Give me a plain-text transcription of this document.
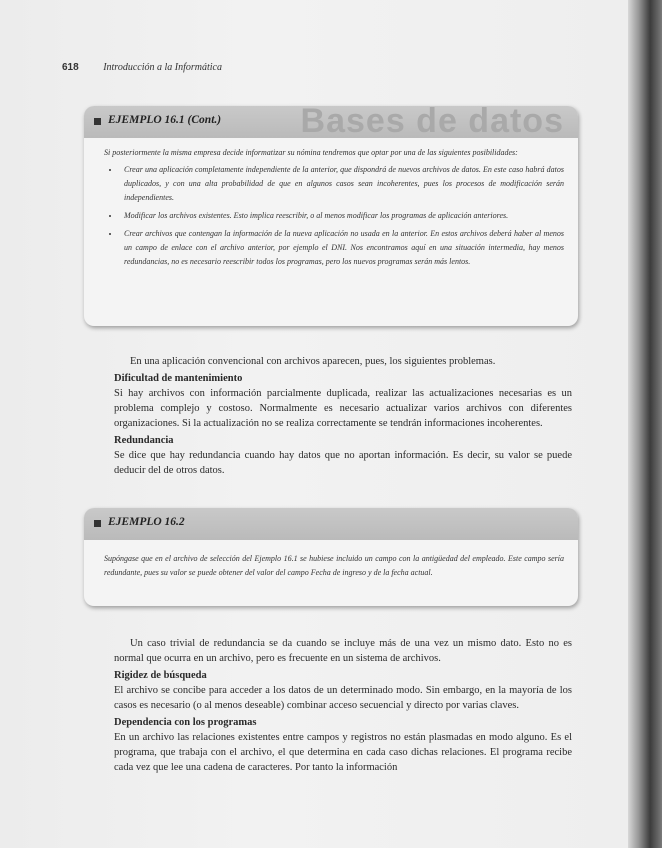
618 Introducción a la Informática
EJEMPLO 16.1 (Cont.) Bases de datos

Si posteriormente la misma empresa decide informatizar su nómina tendremos que optar por una de las siguientes posibilidades:

• Crear una aplicación completamente independiente de la anterior, que dispondrá de nuevos archivos de datos. En este caso habrá datos duplicados, y con una alta probabilidad de que en algunos casos sean incoherentes, pues los procesos de modificación serán independientes.
• Modificar los archivos existentes. Esto implica reescribir, o al menos modificar los programas de aplicación anteriores.
• Crear archivos que contengan la información de la nueva aplicación no usada en la anterior. En estos archivos deberá haber al menos un campo de enlace con el archivo anterior, por ejemplo el DNI. Nos encontramos aquí en una situación intermedia, hay menos redundancias, no es necesario reescribir todos los programas, pero los nuevos programas serán más lentos.

En una aplicación convencional con archivos aparecen, pues, los siguientes problemas.

Dificultad de mantenimiento

Si hay archivos con información parcialmente duplicada, realizar las actualizaciones necesarias es un problema complejo y costoso. Normalmente es necesario actualizar varios archivos con diferentes organizaciones. Si la actualización no se realiza correctamente se tendrán informaciones incoherentes.

Redundancia

Se dice que hay redundancia cuando hay datos que no aportan información. Es decir, su valor se puede deducir del de otros datos.

EJEMPLO 16.2

Supóngase que en el archivo de selección del Ejemplo 16.1 se hubiese incluido un campo con la antigüedad del empleado. Este campo sería redundante, pues su valor se puede obtener del valor del campo Fecha de ingreso y de la fecha actual.

Un caso trivial de redundancia se da cuando se incluye más de una vez un mismo dato. Esto no es normal que ocurra en un archivo, pero es frecuente en un sistema de archivos.

Rigidez de búsqueda

El archivo se concibe para acceder a los datos de un determinado modo. Sin embargo, en la mayoría de los casos es necesario (o al menos deseable) combinar acceso secuencial y directo por varias claves.

Dependencia con los programas

En un archivo las relaciones existentes entre campos y registros no están plasmadas en modo alguno. Es el programa, que trabaja con el archivo, el que determina en cada caso dichas relaciones. El programa recibe cada vez que lee una cadena de caracteres. Por tanto la información
